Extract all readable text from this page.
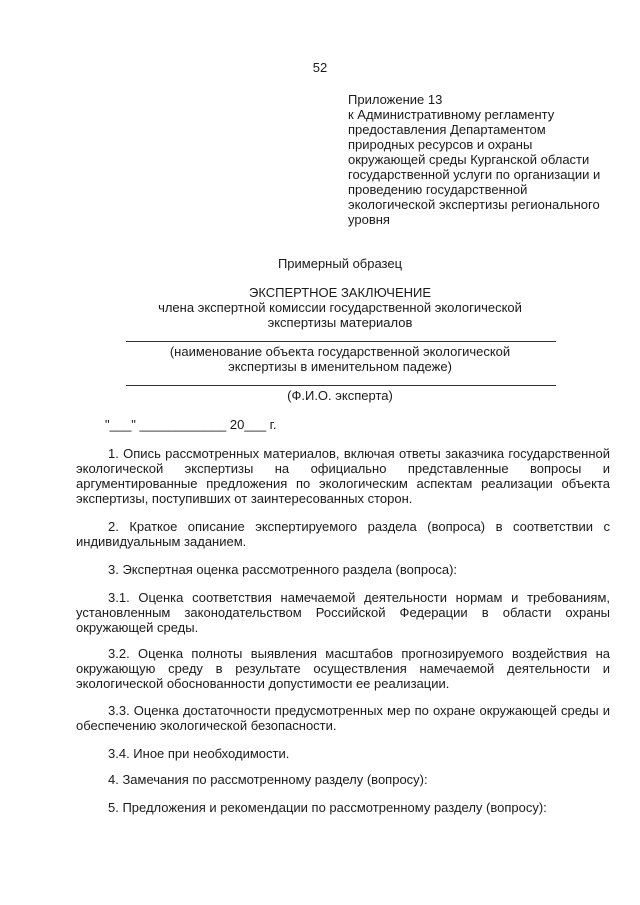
52
Приложение 13
к Административному регламенту
предоставления Департаментом
природных ресурсов и охраны
окружающей среды Курганской области
государственной услуги по организации и
проведению государственной
экологической экспертизы регионального
уровня
Примерный образец
ЭКСПЕРТНОЕ ЗАКЛЮЧЕНИЕ
члена экспертной комиссии государственной экологической
экспертизы материалов
(наименование объекта государственной экологической
экспертизы в именительном падеже)
(Ф.И.О. эксперта)
"___" ____________ 20___ г.
1. Опись рассмотренных материалов, включая ответы заказчика государственной экологической экспертизы на официально представленные вопросы и аргументированные предложения по экологическим аспектам реализации объекта экспертизы, поступивших от заинтересованных сторон.
2. Краткое описание экспертируемого раздела (вопроса) в соответствии с индивидуальным заданием.
3. Экспертная оценка рассмотренного раздела (вопроса):
3.1. Оценка соответствия намечаемой деятельности нормам и требованиям, установленным законодательством Российской Федерации в области охраны окружающей среды.
3.2. Оценка полноты выявления масштабов прогнозируемого воздействия на окружающую среду в результате осуществления намечаемой деятельности и экологической обоснованности допустимости ее реализации.
3.3. Оценка достаточности предусмотренных мер по охране окружающей среды и обеспечению экологической безопасности.
3.4. Иное при необходимости.
4. Замечания по рассмотренному разделу (вопросу):
5. Предложения и рекомендации по рассмотренному разделу (вопросу):
